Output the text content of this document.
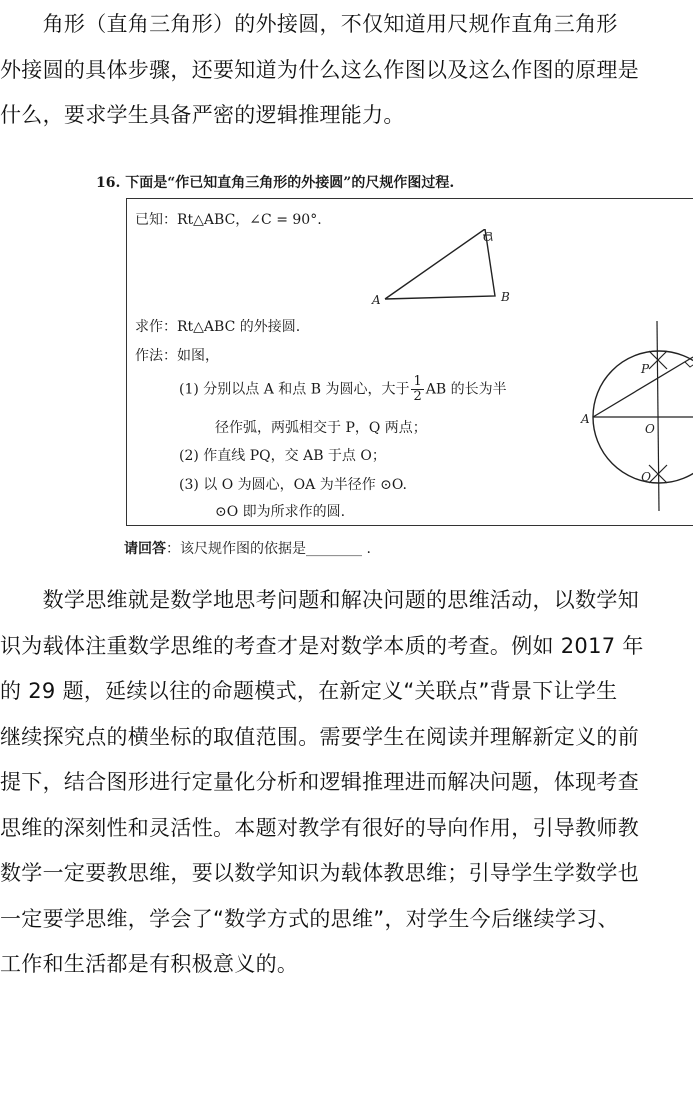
　　角形（直角三角形）的外接圆，不仅知道用尺规作直角三角形
外接圆的具体步骤，还要知道为什么这么作图以及这么作图的原理是
什么，要求学生具备严密的逻辑推理能力。
16. 下面是“作已知直角三角形的外接圆”的尺规作图过程.
已知：Rt△ABC，∠C = 90°.
C
A	B
求作：Rt△ABC 的外接圆.
作法：如图，
(1) 分别以点 A 和点 B 为圆心，大于 $\frac{1}{2}$ AB 的长为半
径作弧，两弧相交于 P，Q 两点；
(2) 作直线 PQ，交 AB 于点 O；
(3) 以 O 为圆心，OA 为半径作 ⊙O.
⊙O 即为所求作的圆.
A
P
O
Q
请回答：该尺规作图的依据是________ .
　　数学思维就是数学地思考问题和解决问题的思维活动，以数学知
识为载体注重数学思维的考查才是对数学本质的考查。例如 2017 年
的 29 题，延续以往的命题模式，在新定义“关联点”背景下让学生
继续探究点的横坐标的取值范围。需要学生在阅读并理解新定义的前
提下，结合图形进行定量化分析和逻辑推理进而解决问题，体现考查
思维的深刻性和灵活性。本题对教学有很好的导向作用，引导教师教
数学一定要教思维，要以数学知识为载体教思维；引导学生学数学也
一定要学思维，学会了“数学方式的思维”，对学生今后继续学习、
工作和生活都是有积极意义的。
